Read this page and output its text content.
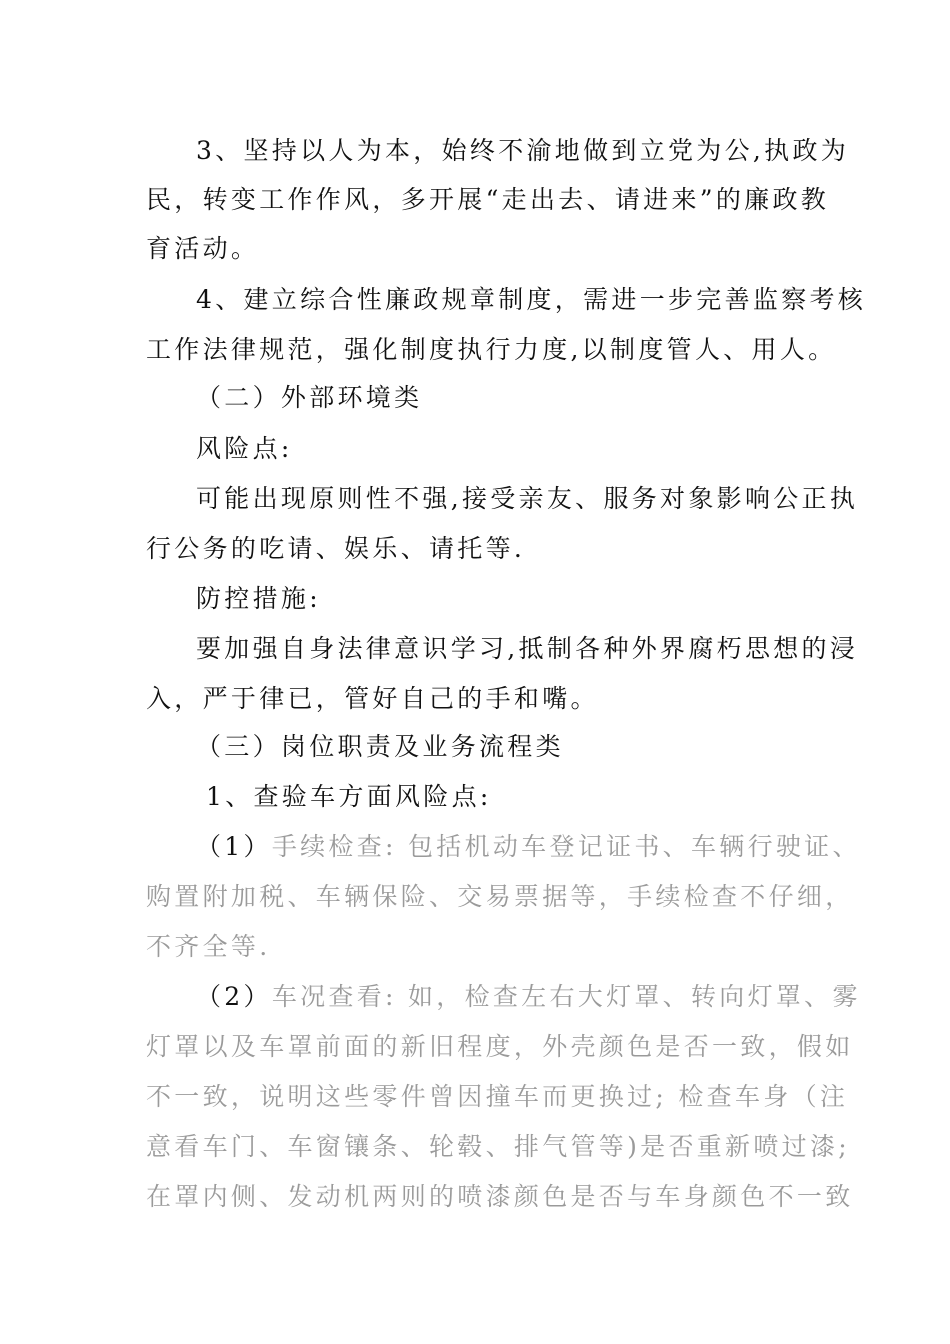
3、坚持以人为本，始终不渝地做到立党为公,执政为
民，转变工作作风，多开展“走出去、请进来”的廉政教
育活动。
4、建立综合性廉政规章制度，需进一步完善监察考核
工作法律规范，强化制度执行力度,以制度管人、用人。
（二）外部环境类
风险点:
可能出现原则性不强,接受亲友、服务对象影响公正执
行公务的吃请、娱乐、请托等.
防控措施:
要加强自身法律意识学习,抵制各种外界腐朽思想的浸
入，严于律已，管好自己的手和嘴。
（三）岗位职责及业务流程类
1、查验车方面风险点:
（1）手续检查: 包括机动车登记证书、车辆行驶证、
购置附加税、车辆保险、交易票据等，手续检查不仔细，
不齐全等.
（2）车况查看: 如，检查左右大灯罩、转向灯罩、雾
灯罩以及车罩前面的新旧程度，外壳颜色是否一致，假如
不一致，说明这些零件曾因撞车而更换过; 检查车身（注
意看车门、车窗镶条、轮毂、排气管等)是否重新喷过漆;
在罩内侧、发动机两则的喷漆颜色是否与车身颜色不一致
